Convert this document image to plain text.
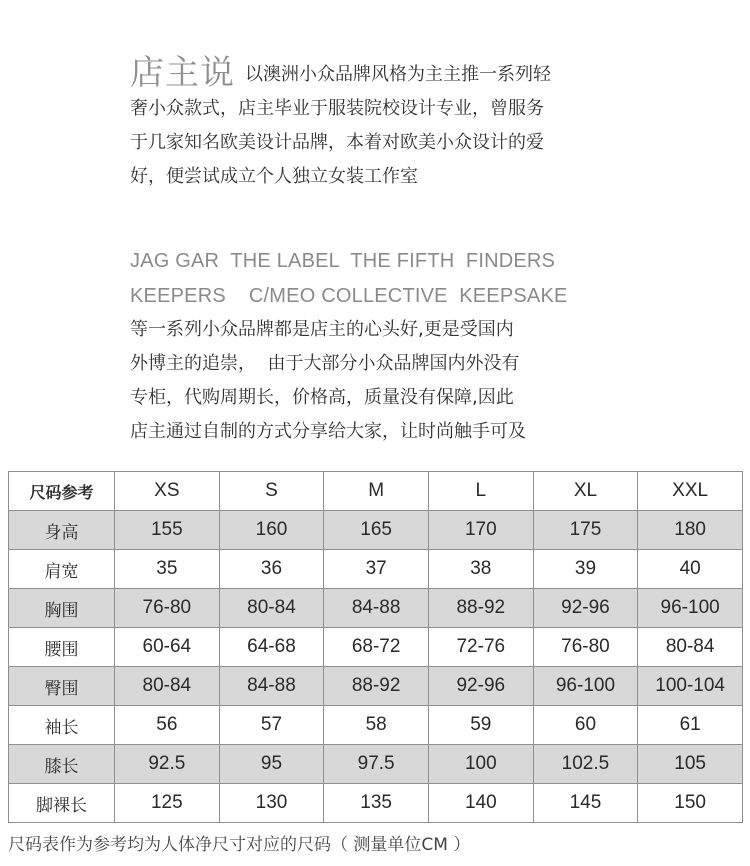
店主说 以澳洲小众品牌风格为主主推一系列轻
奢小众款式，店主毕业于服装院校设计专业，曾服务
于几家知名欧美设计品牌，本着对欧美小众设计的爱
好，便尝试成立个人独立女装工作室
JAG GAR  THE LABEL  THE FIFTH  FINDERS
KEEPERS    C/MEO COLLECTIVE  KEEPSAKE
等一系列小众品牌都是店主的心头好,更是受国内
外博主的追崇，  由于大部分小众品牌国内外没有
专柜，代购周期长，价格高，质量没有保障,因此
店主通过自制的方式分享给大家，让时尚触手可及
尺码参考	XS	S	M	L	XL	XXL
身高	155	160	165	170	175	180
肩宽	35	36	37	38	39	40
胸围	76-80	80-84	84-88	88-92	92-96	96-100
腰围	60-64	64-68	68-72	72-76	76-80	80-84
臀围	80-84	84-88	88-92	92-96	96-100	100-104
袖长	56	57	58	59	60	61
膝长	92.5	95	97.5	100	102.5	105
脚裸长	125	130	135	140	145	150
尺码表作为参考均为人体净尺寸对应的尺码（ 测量单位CM ）
